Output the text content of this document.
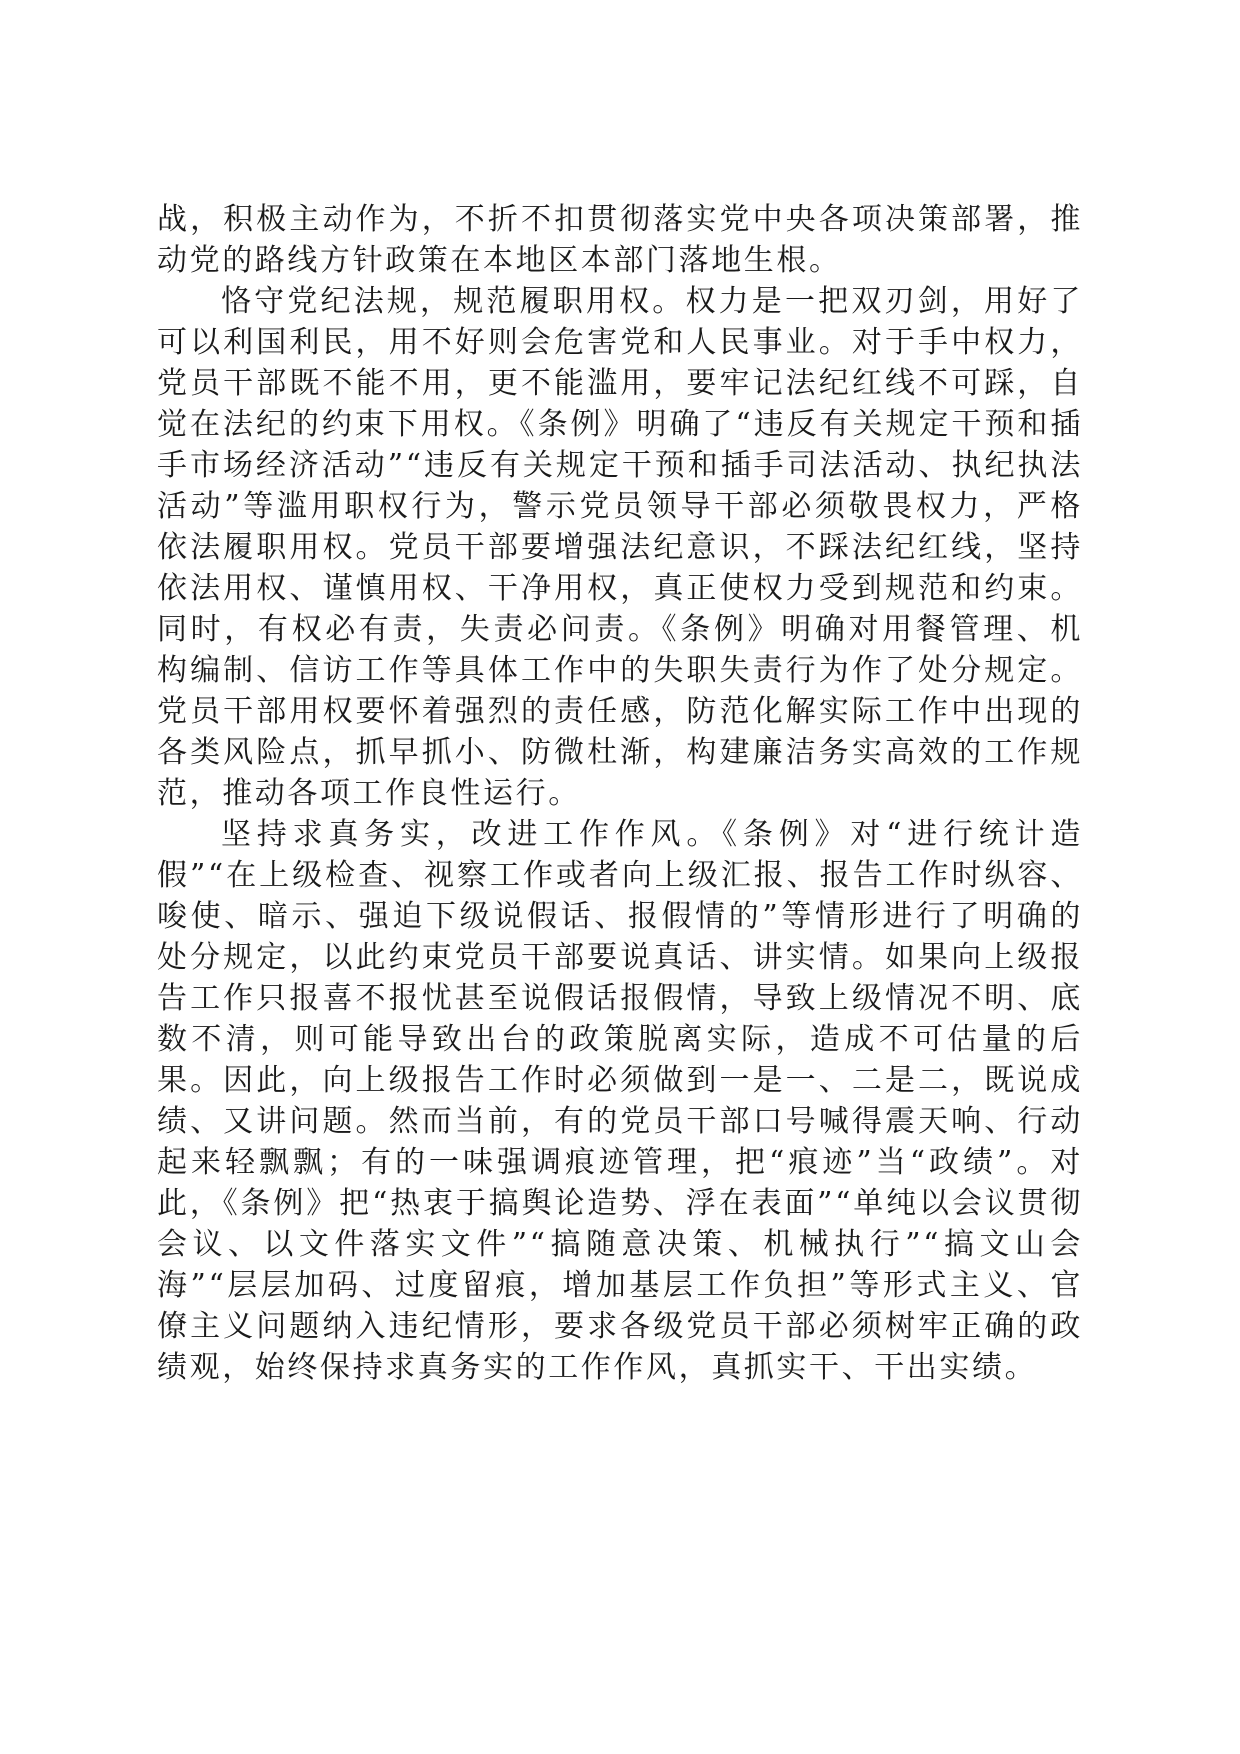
战，积极主动作为，不折不扣贯彻落实党中央各项决策部署，推动党的路线方针政策在本地区本部门落地生根。

恪守党纪法规，规范履职用权。权力是一把双刃剑，用好了可以利国利民，用不好则会危害党和人民事业。对于手中权力，党员干部既不能不用，更不能滥用，要牢记法纪红线不可踩，自觉在法纪的约束下用权。《条例》明确了“违反有关规定干预和插手市场经济活动”“违反有关规定干预和插手司法活动、执纪执法活动”等滥用职权行为，警示党员领导干部必须敬畏权力，严格依法履职用权。党员干部要增强法纪意识，不踩法纪红线，坚持依法用权、谨慎用权、干净用权，真正使权力受到规范和约束。同时，有权必有责，失责必问责。《条例》明确对用餐管理、机构编制、信访工作等具体工作中的失职失责行为作了处分规定。党员干部用权要怀着强烈的责任感，防范化解实际工作中出现的各类风险点，抓早抓小、防微杜渐，构建廉洁务实高效的工作规范，推动各项工作良性运行。

坚持求真务实，改进工作作风。《条例》对“进行统计造假”“在上级检查、视察工作或者向上级汇报、报告工作时纵容、唆使、暗示、强迫下级说假话、报假情的”等情形进行了明确的处分规定，以此约束党员干部要说真话、讲实情。如果向上级报告工作只报喜不报忧甚至说假话报假情，导致上级情况不明、底数不清，则可能导致出台的政策脱离实际，造成不可估量的后果。因此，向上级报告工作时必须做到一是一、二是二，既说成绩、又讲问题。然而当前，有的党员干部口号喊得震天响、行动起来轻飘飘；有的一味强调痕迹管理，把“痕迹”当“政绩”。对此，《条例》把“热衷于搞舆论造势、浮在表面”“单纯以会议贯彻会议、以文件落实文件”“搞随意决策、机械执行”“搞文山会海”“层层加码、过度留痕，增加基层工作负担”等形式主义、官僚主义问题纳入违纪情形，要求各级党员干部必须树牢正确的政绩观，始终保持求真务实的工作作风，真抓实干、干出实绩。
